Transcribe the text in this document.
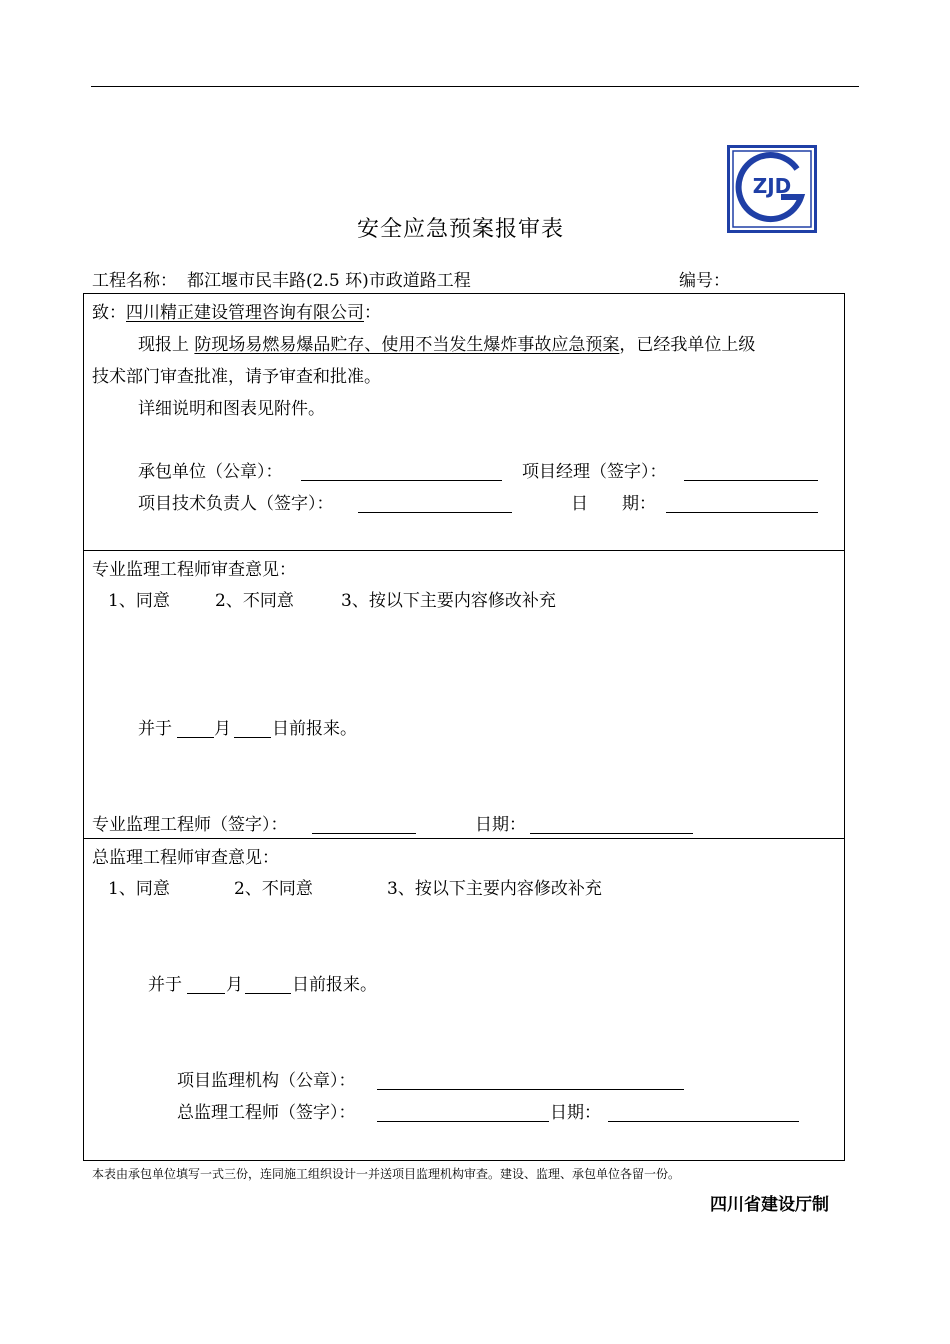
ZJD
安全应急预案报审表
工程名称： 都江堰市民丰路(2.5 环)市政道路工程	编号：
致：四川精正建设管理咨询有限公司：
现报上 防现场易燃易爆品贮存、使用不当发生爆炸事故应急预案，已经我单位上级
技术部门审查批准，请予审查和批准。
详细说明和图表见附件。
承包单位（公章）：	项目经理（签字）：
项目技术负责人（签字）：	日　　期：
专业监理工程师审查意见：
1、同意	2、不同意	3、按以下主要内容修改补充
并于 月 日前报来。
专业监理工程师（签字）：	日期：
总监理工程师审查意见：
1、同意	2、不同意	3、按以下主要内容修改补充
并于	月	日前报来。
项目监理机构（公章）：
总监理工程师（签字）：	日期：
本表由承包单位填写一式三份，连同施工组织设计一并送项目监理机构审查。建设、监理、承包单位各留一份。
四川省建设厅制
